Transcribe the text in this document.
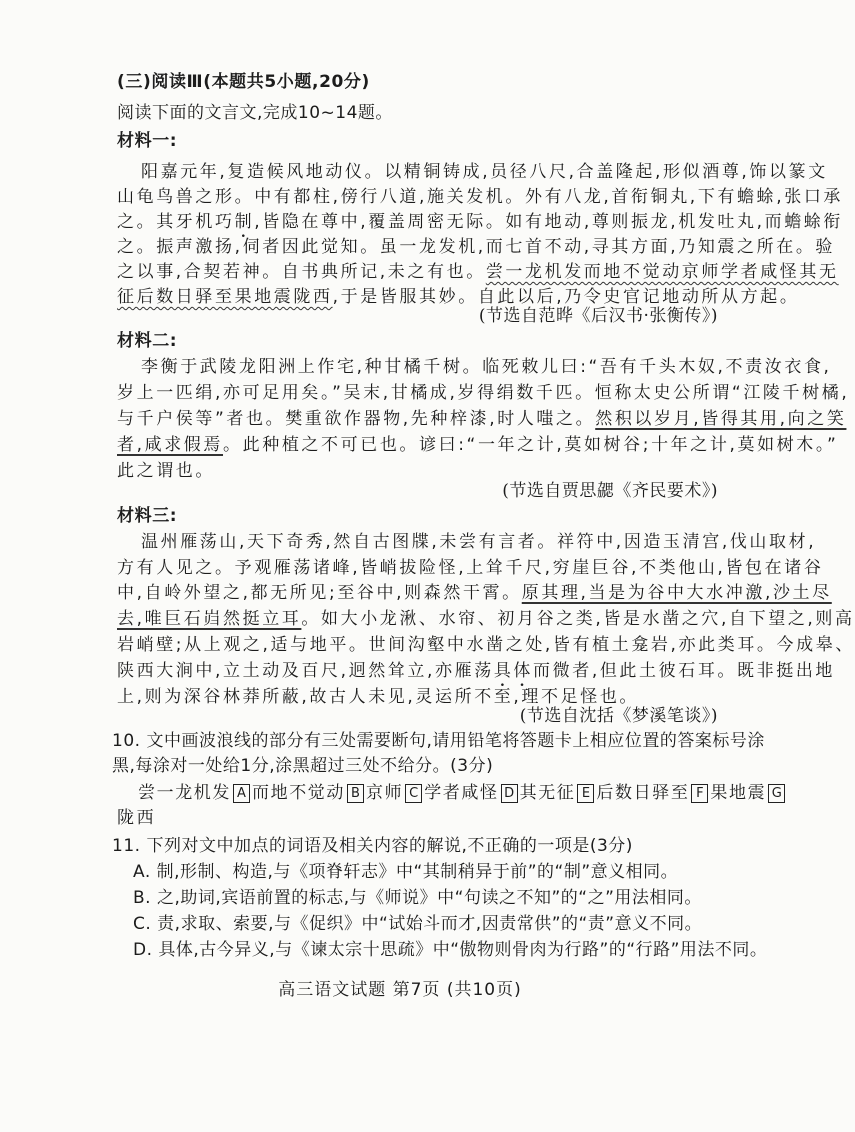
(三)阅读Ⅲ(本题共5小题,20分)
阅读下面的文言文,完成10~14题。
材料一:
阳嘉元年,复造候风地动仪。以精铜铸成,员径八尺,合盖隆起,形似酒尊,饰以篆文
山龟鸟兽之形。中有都柱,傍行八道,施关发机。外有八龙,首衔铜丸,下有蟾蜍,张口承
之。其牙机巧制,皆隐在尊中,覆盖周密无际。如有地动,尊则振龙,机发吐丸,而蟾蜍衔
之。振声激扬,伺者因此觉知。虽一龙发机,而七首不动,寻其方面,乃知震之所在。验
之以事,合契若神。自书典所记,未之有也。尝一龙机发而地不觉动京师学者咸怪其无
征后数日驿至果地震陇西,于是皆服其妙。自此以后,乃令史官记地动所从方起。
(节选自范晔《后汉书·张衡传》)
材料二:
李衡于武陵龙阳洲上作宅,种甘橘千树。临死敕儿曰:“吾有千头木奴,不责汝衣食,
岁上一匹绢,亦可足用矣。”吴末,甘橘成,岁得绢数千匹。恒称太史公所谓“江陵千树橘,
与千户侯等”者也。樊重欲作器物,先种梓漆,时人嗤之。然积以岁月,皆得其用,向之笑
者,咸求假焉。此种植之不可已也。谚曰:“一年之计,莫如树谷;十年之计,莫如树木。”
此之谓也。
(节选自贾思勰《齐民要术》)
材料三:
温州雁荡山,天下奇秀,然自古图牒,未尝有言者。祥符中,因造玉清宫,伐山取材,
方有人见之。予观雁荡诸峰,皆峭拔险怪,上耸千尺,穷崖巨谷,不类他山,皆包在诸谷
中,自岭外望之,都无所见;至谷中,则森然干霄。原其理,当是为谷中大水冲激,沙土尽
去,唯巨石岿然挺立耳。如大小龙湫、水帘、初月谷之类,皆是水凿之穴,自下望之,则高
岩峭壁;从上观之,适与地平。世间沟壑中水凿之处,皆有植土龛岩,亦此类耳。今成皋、
陕西大涧中,立土动及百尺,迥然耸立,亦雁荡具体而微者,但此土彼石耳。既非挺出地
上,则为深谷林莽所蔽,故古人未见,灵运所不至,理不足怪也。
(节选自沈括《梦溪笔谈》)
10. 文中画波浪线的部分有三处需要断句,请用铅笔将答题卡上相应位置的答案标号涂
黑,每涂对一处给1分,涂黑超过三处不给分。(3分)
尝一龙机发 A 而地不觉动 B 京师 C 学者咸怪 D 其无征 E 后数日驿至 F 果地震 G
陇西
11. 下列对文中加点的词语及相关内容的解说,不正确的一项是(3分)
A. 制,形制、构造,与《项脊轩志》中“其制稍异于前”的“制”意义相同。
B. 之,助词,宾语前置的标志,与《师说》中“句读之不知”的“之”用法相同。
C. 责,求取、索要,与《促织》中“试始斗而才,因责常供”的“责”意义不同。
D. 具体,古今异义,与《谏太宗十思疏》中“傲物则骨肉为行路”的“行路”用法不同。
高三语文试题 第7页 (共10页)
